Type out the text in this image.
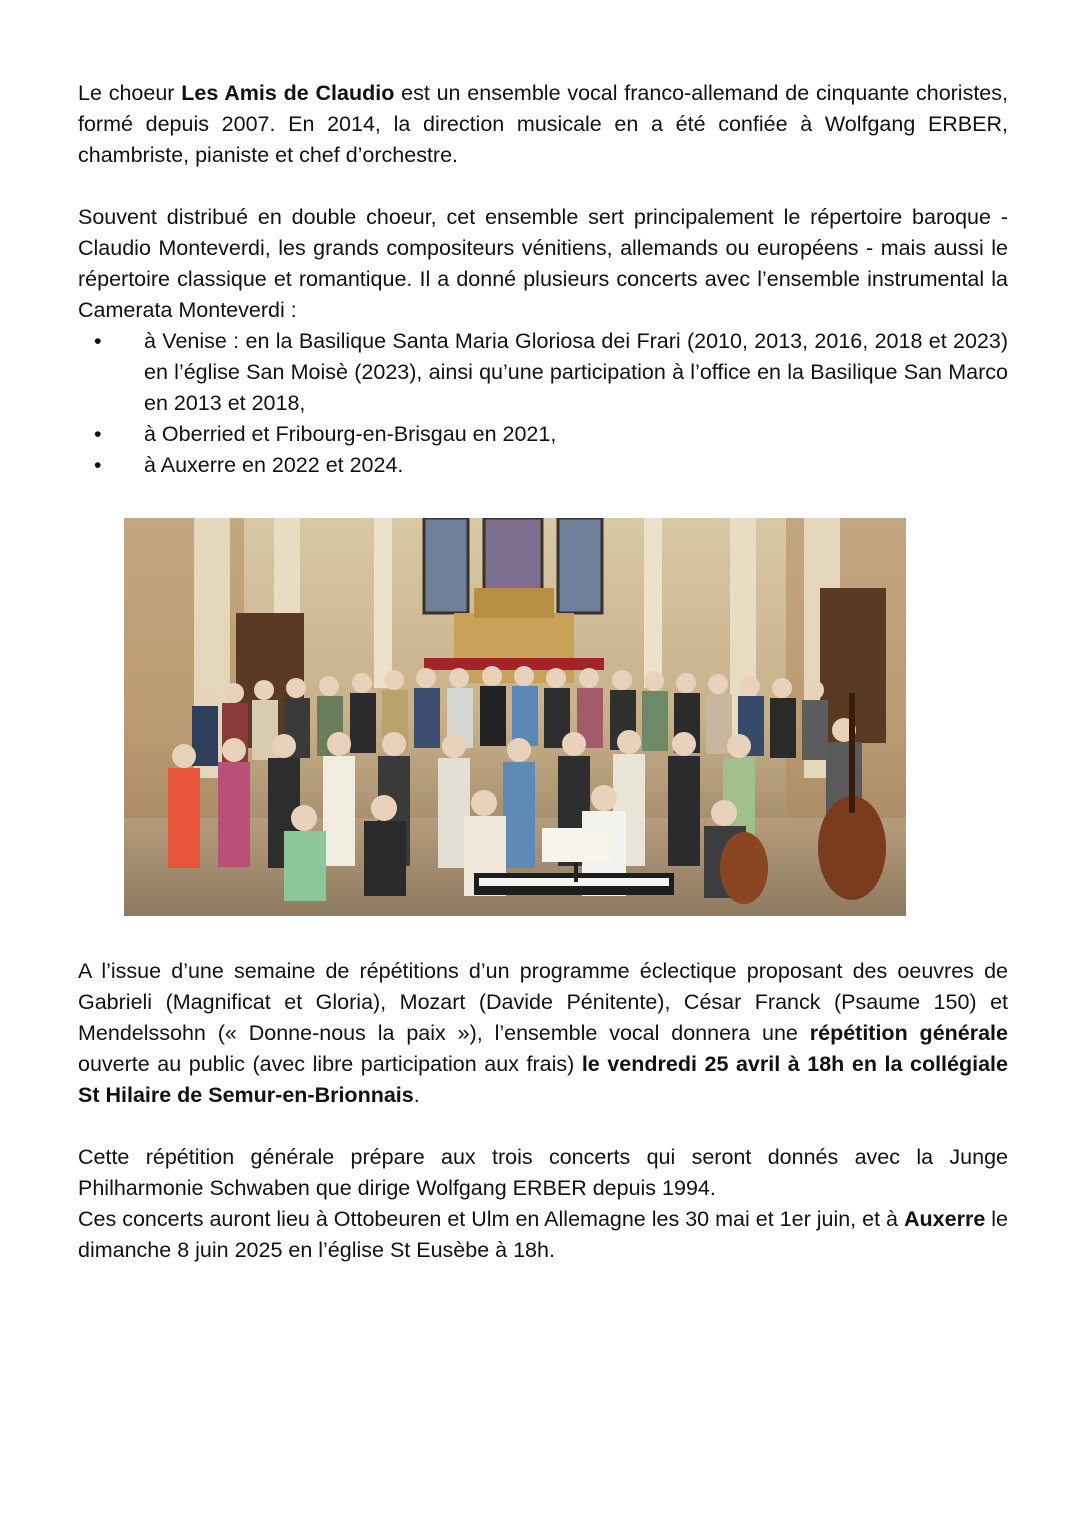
Le choeur Les Amis de Claudio est un ensemble vocal franco-allemand de cinquante choristes, formé depuis 2007. En 2014, la direction musicale en a été confiée à Wolfgang ERBER, chambriste, pianiste et chef d’orchestre.

Souvent distribué en double choeur, cet ensemble sert principalement le répertoire baroque - Claudio Monteverdi, les grands compositeurs vénitiens, allemands ou européens - mais aussi le répertoire classique et romantique. Il a donné plusieurs concerts avec l’ensemble instrumental la Camerata Monteverdi :

• à Venise : en la Basilique Santa Maria Gloriosa dei Frari (2010, 2013, 2016, 2018 et 2023) en l’église San Moisè (2023), ainsi qu’une participation à l’office en la Basilique San Marco en 2013 et 2018,
• à Oberried et Fribourg-en-Brisgau en 2021,
• à Auxerre en 2022 et 2024.

A l’issue d’une semaine de répétitions d’un programme éclectique proposant des oeuvres de Gabrieli (Magnificat et Gloria), Mozart (Davide Pénitente), César Franck (Psaume 150) et Mendelssohn (« Donne-nous la paix »), l’ensemble vocal donnera une répétition générale ouverte au public (avec libre participation aux frais) le vendredi 25 avril à 18h en la collégiale St Hilaire de Semur-en-Brionnais.

Cette répétition générale prépare aux trois concerts qui seront donnés avec la Junge Philharmonie Schwaben que dirige Wolfgang ERBER depuis 1994.

Ces concerts auront lieu à Ottobeuren et Ulm en Allemagne les 30 mai et 1er juin, et à Auxerre le dimanche 8 juin 2025 en l’église St Eusèbe à 18h.
